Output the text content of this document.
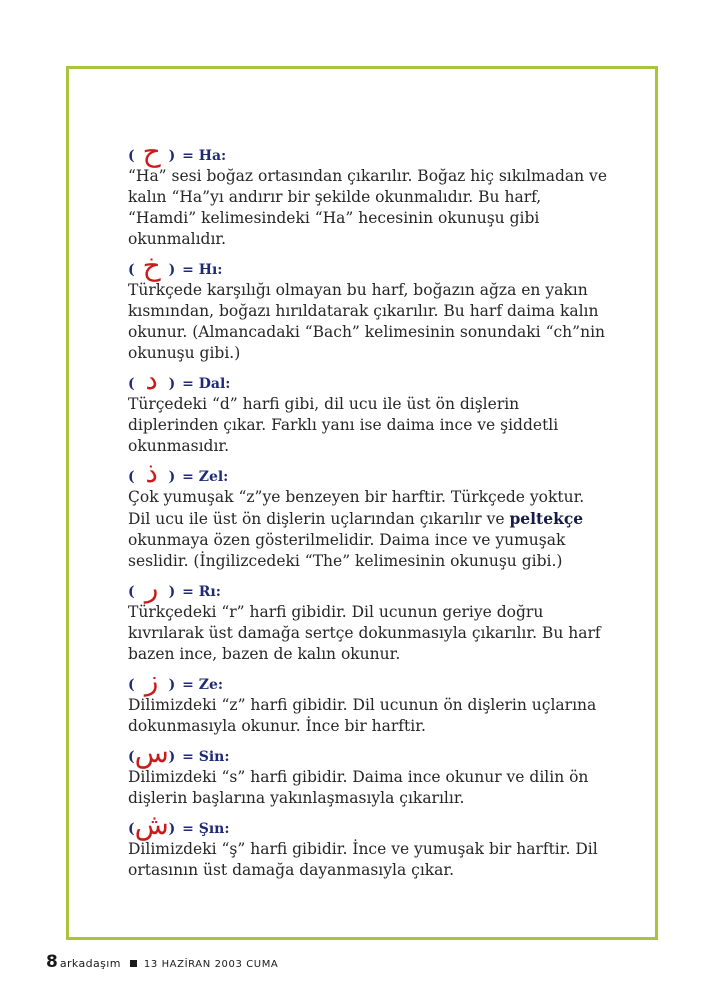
( ح ) = Ha:

“Ha” sesi boğaz ortasından çıkarılır. Boğaz hiç sıkılmadan ve kalın “Ha”yı andırır bir şekilde okunmalıdır. Bu harf, “Hamdi” kelimesindeki “Ha” hecesinin okunuşu gibi okunmalıdır.

( خ ) = Hı:

Türkçede karşılığı olmayan bu harf, boğazın ağza en yakın kısmından, boğazı hırıldatarak çıkarılır. Bu harf daima kalın okunur. (Almancadaki “Bach” kelimesinin sonundaki “ch”nin okunuşu gibi.)

( د ) = Dal:

Türçedeki “d” harfi gibi, dil ucu ile üst ön dişlerin diplerinden çıkar. Farklı yanı ise daima ince ve şiddetli okunmasıdır.

( ذ ) = Zel:

Çok yumuşak “z”ye benzeyen bir harftir. Türkçede yoktur. Dil ucu ile üst ön dişlerin uçlarından çıkarılır ve peltekçe okunmaya özen gösterilmelidir. Daima ince ve yumuşak seslidir. (İngilizcedeki “The” kelimesinin okunuşu gibi.)

( ر ) = Rı:

Türkçedeki “r” harfi gibidir. Dil ucunun geriye doğru kıvrılarak üst damağa sertçe dokunmasıyla çıkarılır. Bu harf bazen ince, bazen de kalın okunur.

( ز ) = Ze:

Dilimizdeki “z” harfi gibidir. Dil ucunun ön dişlerin uçlarına dokunmasıyla okunur. İnce bir harftir.

( س ) = Sin:

Dilimizdeki “s” harfi gibidir. Daima ince okunur ve dilin ön dişlerin başlarına yakınlaşmasıyla çıkarılır.

( ش ) = Şın:

Dilimizdeki “ş” harfi gibidir. İnce ve yumuşak bir harftir. Dil ortasının üst damağa dayanmasıyla çıkar.

8 arkadaşım 13 HAZİRAN 2003 CUMA
